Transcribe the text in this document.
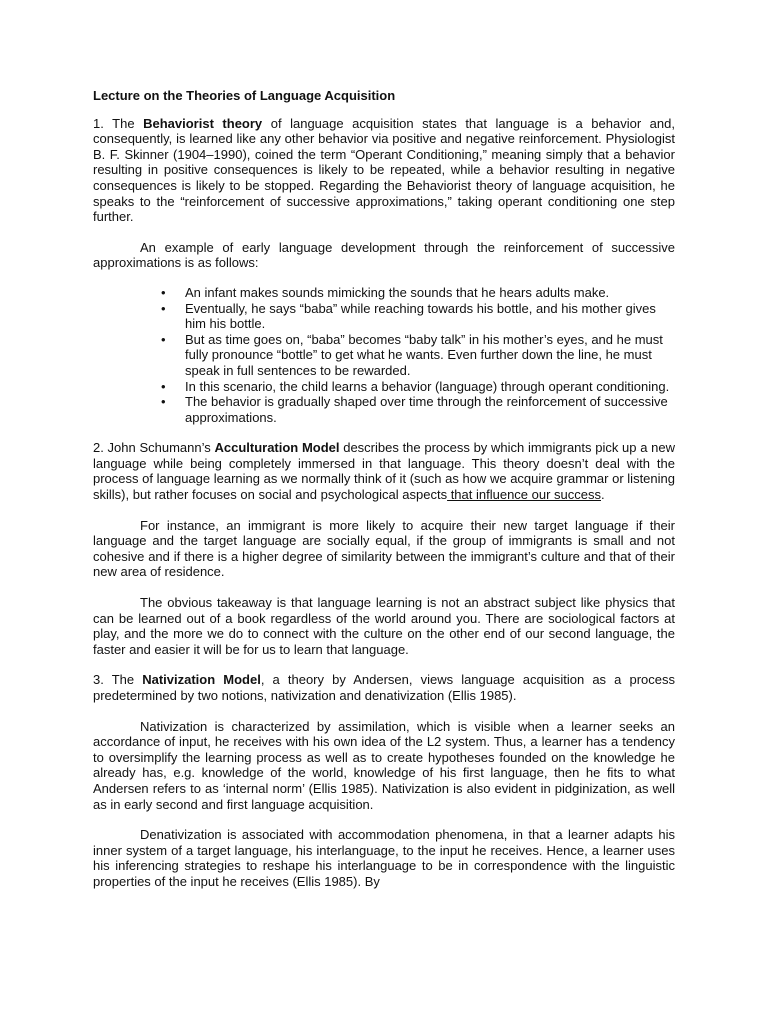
Lecture on the Theories of Language Acquisition

1. The Behaviorist theory of language acquisition states that language is a behavior and, consequently, is learned like any other behavior via positive and negative reinforcement. Physiologist B. F. Skinner (1904–1990), coined the term “Operant Conditioning,” meaning simply that a behavior resulting in positive consequences is likely to be repeated, while a behavior resulting in negative consequences is likely to be stopped. Regarding the Behaviorist theory of language acquisition, he speaks to the “reinforcement of successive approximations,” taking operant conditioning one step further.

An example of early language development through the reinforcement of successive approximations is as follows:

• An infant makes sounds mimicking the sounds that he hears adults make.
• Eventually, he says “baba” while reaching towards his bottle, and his mother gives him his bottle.
• But as time goes on, “baba” becomes “baby talk” in his mother’s eyes, and he must fully pronounce “bottle” to get what he wants. Even further down the line, he must speak in full sentences to be rewarded.
• In this scenario, the child learns a behavior (language) through operant conditioning.
• The behavior is gradually shaped over time through the reinforcement of successive approximations.

2. John Schumann’s Acculturation Model describes the process by which immigrants pick up a new language while being completely immersed in that language. This theory doesn’t deal with the process of language learning as we normally think of it (such as how we acquire grammar or listening skills), but rather focuses on social and psychological aspects that influence our success.

For instance, an immigrant is more likely to acquire their new target language if their language and the target language are socially equal, if the group of immigrants is small and not cohesive and if there is a higher degree of similarity between the immigrant’s culture and that of their new area of residence.

The obvious takeaway is that language learning is not an abstract subject like physics that can be learned out of a book regardless of the world around you. There are sociological factors at play, and the more we do to connect with the culture on the other end of our second language, the faster and easier it will be for us to learn that language.

3. The Nativization Model, a theory by Andersen, views language acquisition as a process predetermined by two notions, nativization and denativization (Ellis 1985).

Nativization is characterized by assimilation, which is visible when a learner seeks an accordance of input, he receives with his own idea of the L2 system. Thus, a learner has a tendency to oversimplify the learning process as well as to create hypotheses founded on the knowledge he already has, e.g. knowledge of the world, knowledge of his first language, then he fits to what Andersen refers to as ‘internal norm’ (Ellis 1985). Nativization is also evident in pidginization, as well as in early second and first language acquisition.

Denativization is associated with accommodation phenomena, in that a learner adapts his inner system of a target language, his interlanguage, to the input he receives. Hence, a learner uses his inferencing strategies to reshape his interlanguage to be in correspondence with the linguistic properties of the input he receives (Ellis 1985). By
